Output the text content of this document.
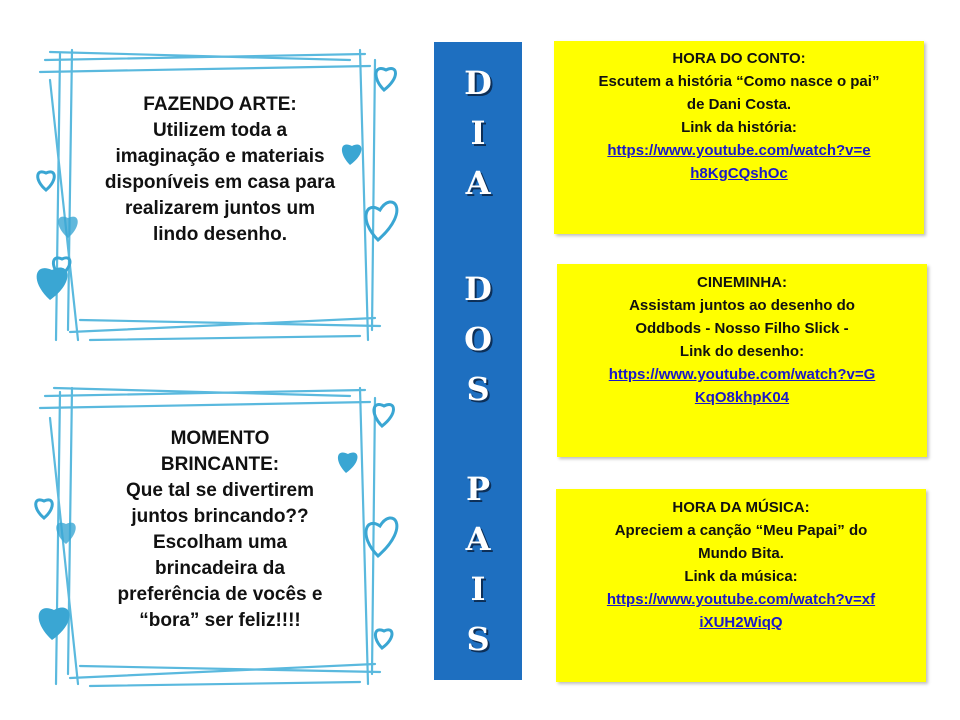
FAZENDO ARTE:
Utilizem toda a
imaginação e materiais
disponíveis em casa para
realizarem juntos um
lindo desenho.
MOMENTO
BRINCANTE:
Que tal se divertirem
juntos brincando??
Escolham uma
brincadeira da
preferência de vocês e
“bora” ser feliz!!!!
D
I
A
D
O
S
P
A
I
S
HORA DO CONTO:
Escutem a história “Como nasce o pai”
de Dani Costa.
Link da história:
https://www.youtube.com/watch?v=e
h8KgCQshOc
CINEMINHA:
Assistam juntos ao desenho do
Oddbods - Nosso Filho Slick -
Link do desenho:
https://www.youtube.com/watch?v=G
KqO8khpK04
HORA DA MÚSICA:
Apreciem a canção “Meu Papai” do
Mundo Bita.
Link da música:
https://www.youtube.com/watch?v=xf
iXUH2WiqQ
